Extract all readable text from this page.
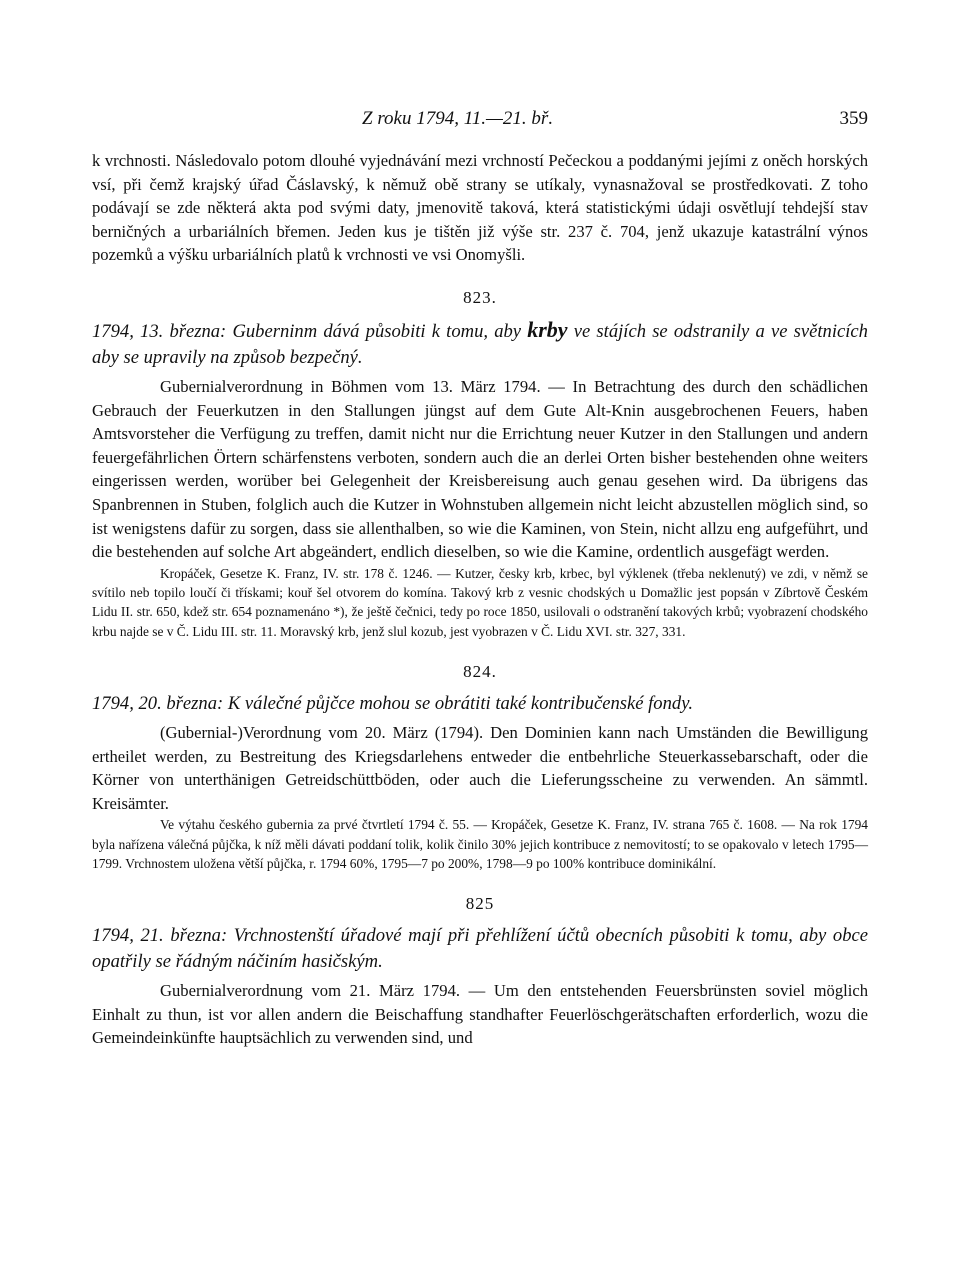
Z roku 1794, 11.—21. bř.	359

k vrchnosti. Následovalo potom dlouhé vyjednávání mezi vrchností Pečeckou a poddanými jejími z oněch horských vsí, při čemž krajský úřad Čáslavský, k němuž obě strany se utíkaly, vynasnažoval se prostředkovati. Z toho podávají se zde některá akta pod svými daty, jmenovitě taková, která statistickými údaji osvětlují tehdejší stav berničných a urbariálních břemen. Jeden kus je tištěn již výše str. 237 č. 704, jenž ukazuje katastrální výnos pozemků a výšku urbariálních platů k vrchnosti ve vsi Onomyšli.

823.
1794, 13. března: Guberninm dává působiti k tomu, aby krby ve stájích se odstranily a ve světnicích aby se upravily na způsob bezpečný.

Gubernialverordnung in Böhmen vom 13. März 1794. — In Betrachtung des durch den schädlichen Gebrauch der Feuerkutzen in den Stallungen jüngst auf dem Gute Alt-Knin ausgebrochenen Feuers, haben Amtsvorsteher die Verfügung zu treffen, damit nicht nur die Errichtung neuer Kutzer in den Stallungen und andern feuergefährlichen Örtern schärfenstens verboten, sondern auch die an derlei Orten bisher bestehenden ohne weiters eingerissen werden, worüber bei Gelegenheit der Kreisbereisung auch genau gesehen wird. Da übrigens das Spanbrennen in Stuben, folglich auch die Kutzer in Wohnstuben allgemein nicht leicht abzustellen möglich sind, so ist wenigstens dafür zu sorgen, dass sie allenthalben, so wie die Kaminen, von Stein, nicht allzu eng aufgeführt, und die bestehenden auf solche Art abgeändert, endlich dieselben, so wie die Kamine, ordentlich ausgefägt werden.

Kropáček, Gesetze K. Franz, IV. str. 178 č. 1246. — Kutzer, česky krb, krbec, byl výklenek (třeba neklenutý) ve zdi, v němž se svítilo neb topilo loučí či třískami; kouř šel otvorem do komína. Takový krb z vesnic chodských u Domažlic jest popsán v Zíbrtově Českém Lidu II. str. 650, kdež str. 654 poznamenáno *), že ještě čečnici, tedy po roce 1850, usilovali o odstranění takových krbů; vyobrazení chodského krbu najde se v Č. Lidu III. str. 11. Moravský krb, jenž slul kozub, jest vyobrazen v Č. Lidu XVI. str. 327, 331.

824.
1794, 20. března: K válečné půjčce mohou se obrátiti také kontribučenské fondy.

(Gubernial-)Verordnung vom 20. März (1794). Den Dominien kann nach Umständen die Bewilligung ertheilet werden, zu Bestreitung des Kriegsdarlehens entweder die entbehrliche Steuerkassebarschaft, oder die Körner von unterthänigen Getreidschüttböden, oder auch die Lieferungsscheine zu verwenden. An sämmtl. Kreisämter.

Ve výtahu českého gubernia za prvé čtvrtletí 1794 č. 55. — Kropáček, Gesetze K. Franz, IV. strana 765 č. 1608. — Na rok 1794 byla nařízena válečná půjčka, k níž měli dávati poddaní tolik, kolik činilo 30% jejich kontribuce z nemovitostí; to se opakovalo v letech 1795—1799. Vrchnostem uložena větší půjčka, r. 1794 60%, 1795—7 po 200%, 1798—9 po 100% kontribuce dominikální.

825
1794, 21. března: Vrchnostenští úřadové mají při přehlížení účtů obecních působiti k tomu, aby obce opatřily se řádným náčiním hasičským.

Gubernialverordnung vom 21. März 1794. — Um den entstehenden Feuersbrünsten soviel möglich Einhalt zu thun, ist vor allen andern die Beischaffung standhafter Feuerlöschgerätschaften erforderlich, wozu die Gemeindeinkünfte hauptsächlich zu verwenden sind, und
